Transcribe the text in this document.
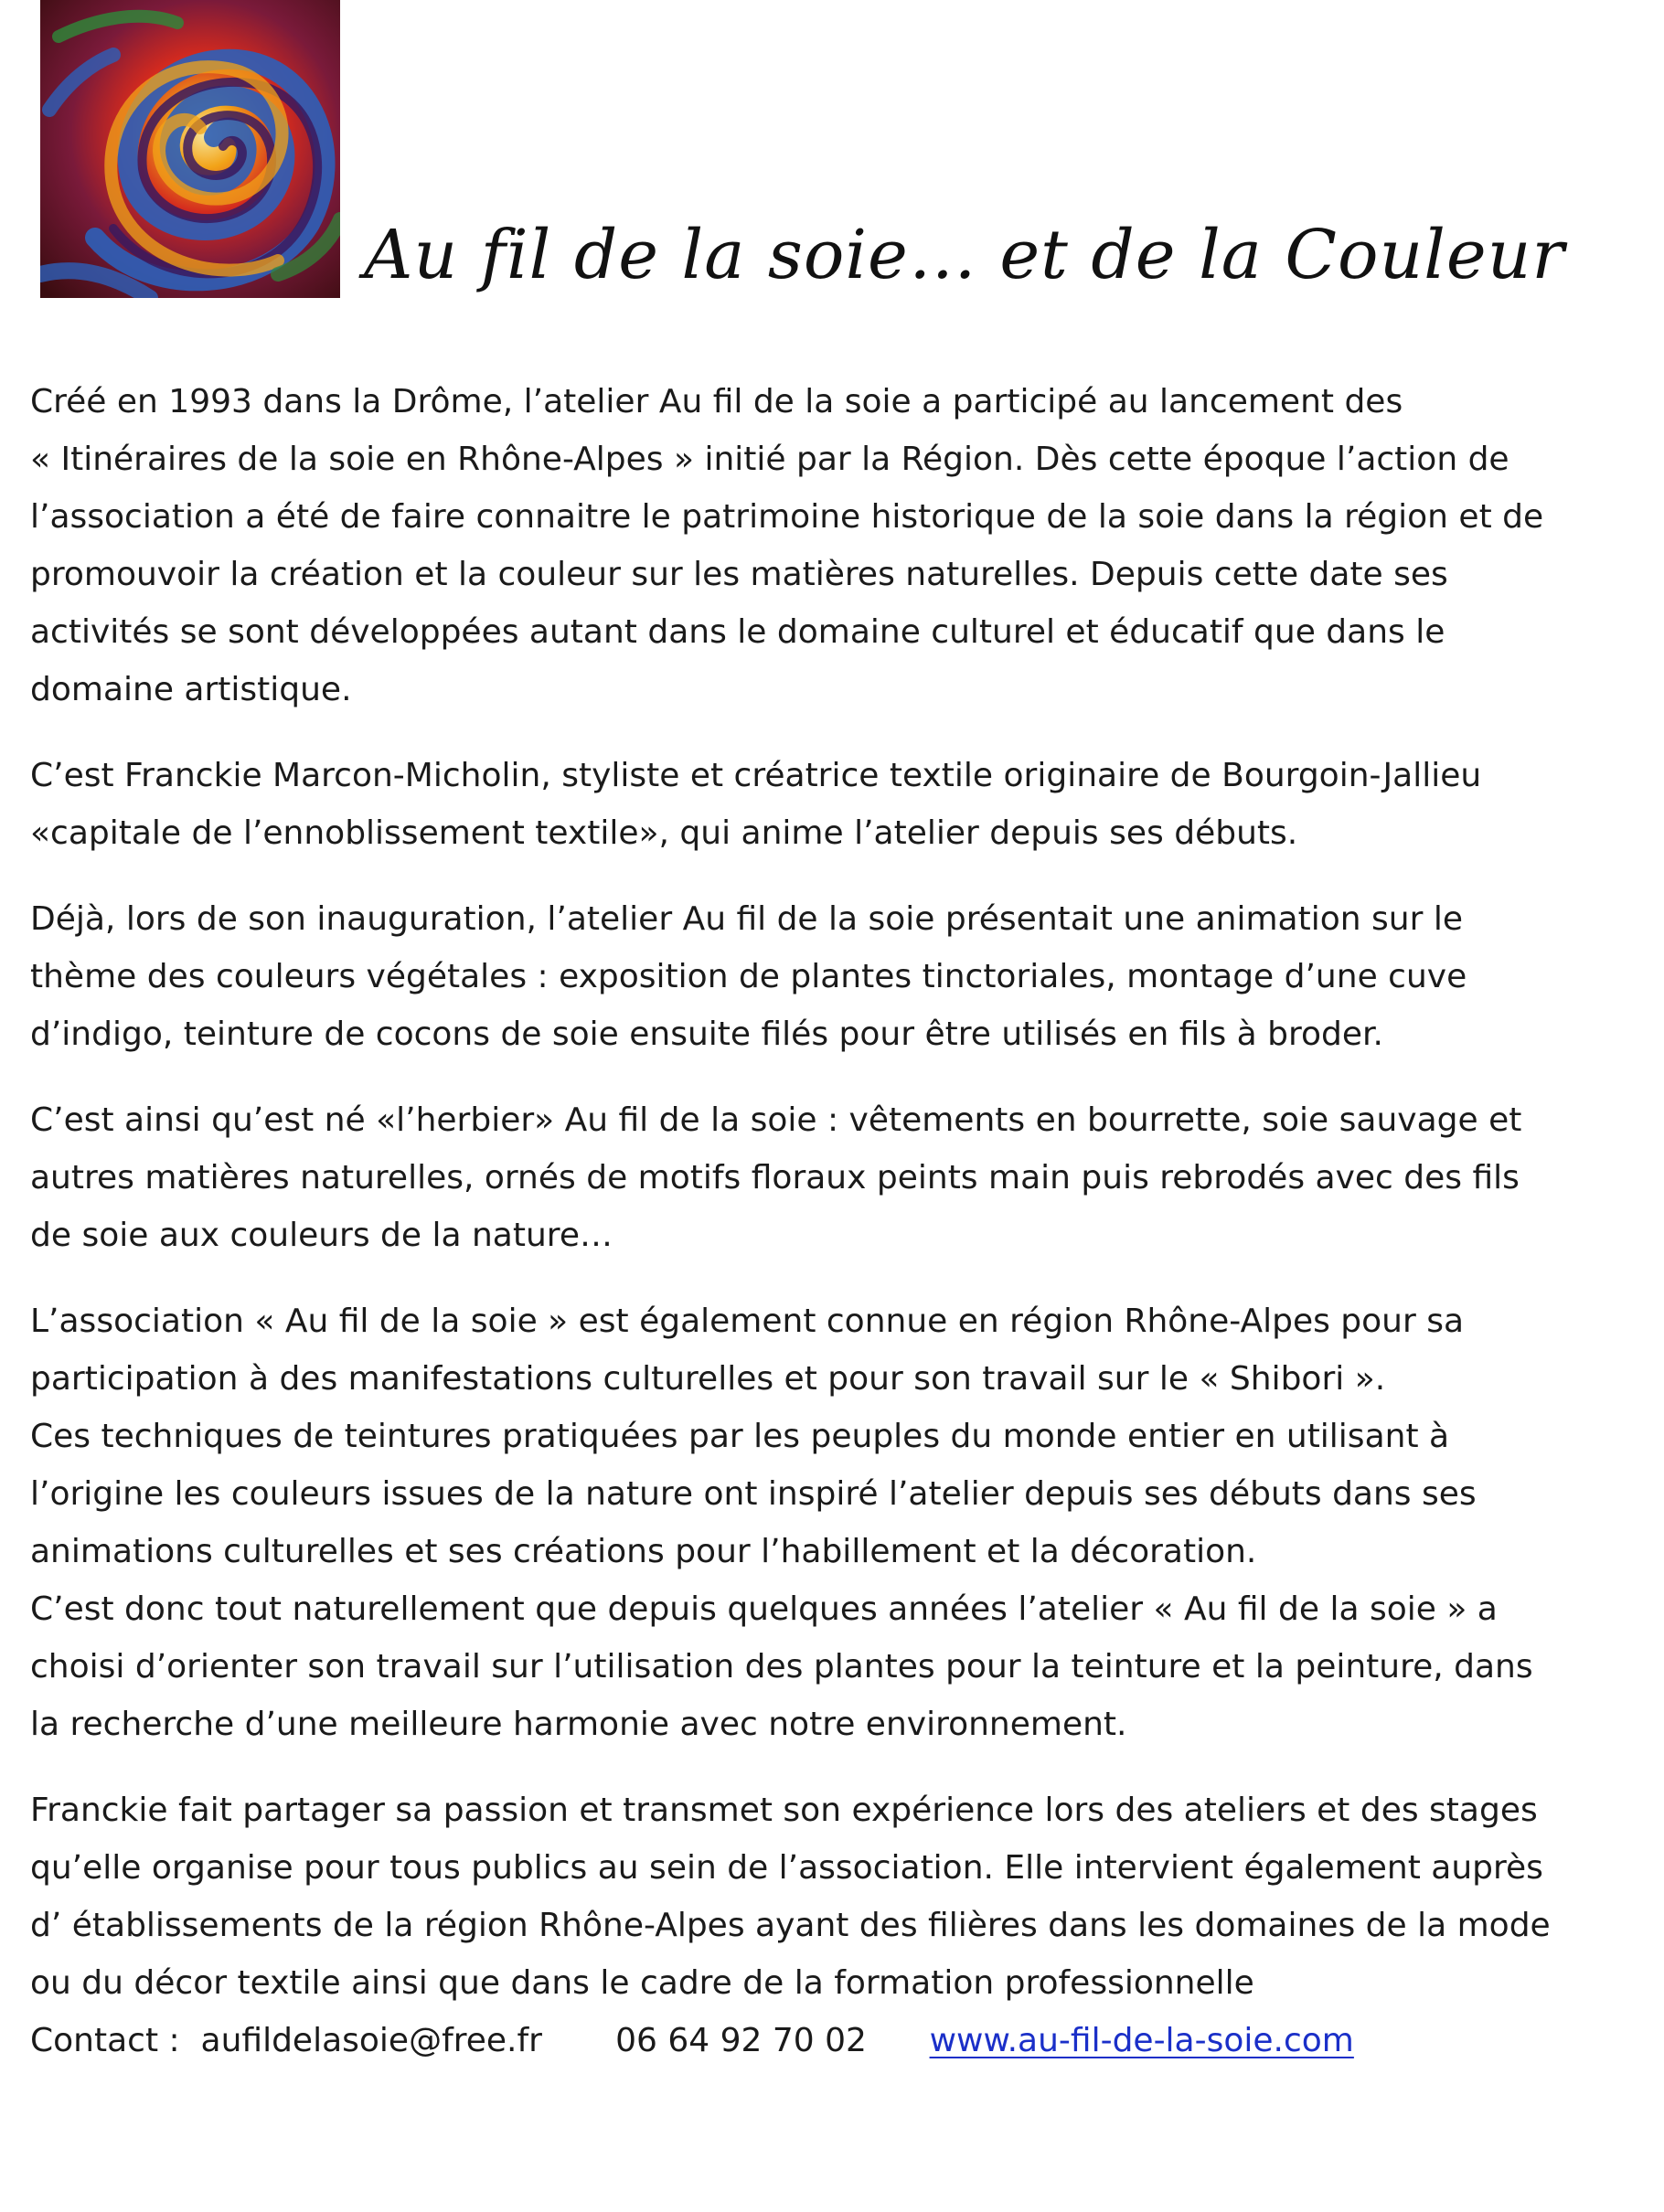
Au fil de la soie… et de la Couleur

Créé en 1993 dans la Drôme, l’atelier Au fil de la soie a participé au lancement des
« Itinéraires de la soie en Rhône-Alpes » initié par la Région. Dès cette époque l’action de
l’association a été de faire connaitre le patrimoine historique de la soie dans la région et de
promouvoir la création et la couleur sur les matières naturelles. Depuis cette date ses
activités se sont développées autant dans le domaine culturel et éducatif que dans le
domaine artistique.

C’est Franckie Marcon-Micholin, styliste et créatrice textile originaire de Bourgoin-Jallieu
«capitale de l’ennoblissement textile», qui anime l’atelier depuis ses débuts.

Déjà, lors de son inauguration, l’atelier Au fil de la soie présentait une animation sur le
thème des couleurs végétales : exposition de plantes tinctoriales, montage d’une cuve
d’indigo, teinture de cocons de soie ensuite filés pour être utilisés en fils à broder.

C’est ainsi qu’est né «l’herbier» Au fil de la soie : vêtements en bourrette, soie sauvage et
autres matières naturelles, ornés de motifs floraux peints main puis rebrodés avec des fils
de soie aux couleurs de la nature…

L’association « Au fil de la soie » est également connue en région Rhône-Alpes pour sa
participation à des manifestations culturelles et pour son travail sur le « Shibori ».
Ces techniques de teintures pratiquées par les peuples du monde entier en utilisant à
l’origine les couleurs issues de la nature ont inspiré l’atelier depuis ses débuts dans ses
animations culturelles et ses créations pour l’habillement et la décoration.
C’est donc tout naturellement que depuis quelques années l’atelier « Au fil de la soie » a
choisi d’orienter son travail sur l’utilisation des plantes pour la teinture et la peinture, dans
la recherche d’une meilleure harmonie avec notre environnement.

Franckie fait partager sa passion et transmet son expérience lors des ateliers et des stages
qu’elle organise pour tous publics au sein de l’association. Elle intervient également auprès
d’ établissements de la région Rhône-Alpes ayant des filières dans les domaines de la mode
ou du décor textile ainsi que dans le cadre de la formation professionnelle
Contact :  aufildelasoie@free.fr       06 64 92 70 02      www.au-fil-de-la-soie.com
